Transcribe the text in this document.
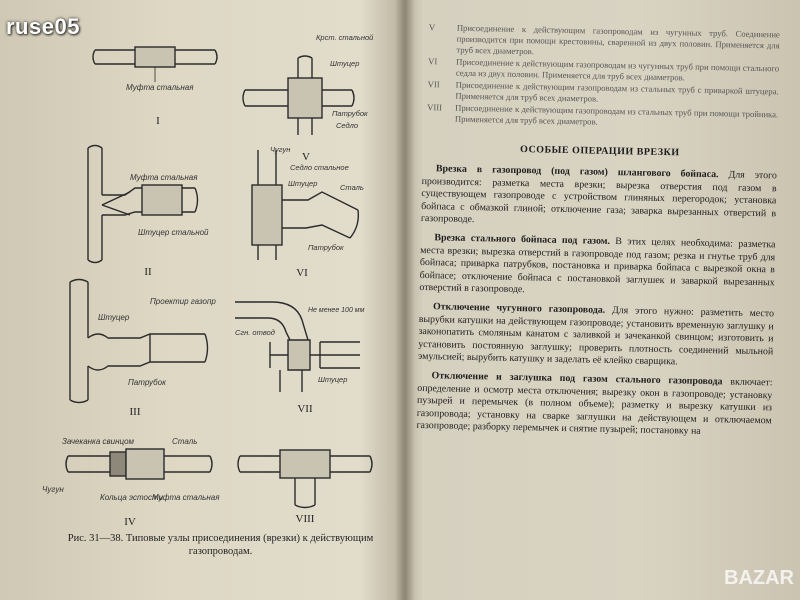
Муфта стальная
I
Муфта стальная
Штуцер стальной
II
Штуцер
Проектир газопр
Патрубок
III
Зачеканка свинцом	Сталь
Чугун
Кольца эстости
Муфта стальная
IV
Крст. стальной
Штуцер
Патрубок
Седло
V
Чугун
Седло стальное
Штуцер	Сталь
Патрубок
VI
Сгн. отвод
Не менее 100 мм
Штуцер
VII
VIII
Рис. 31—38. Типовые узлы присоединения (врезки) к действующим
газопроводам.
V	Присоединение к действующим газопроводам из чугунных труб. Соединение производится при помощи крестовины, сваренной из двух половин. Применяется для труб всех диаметров.
VI	Присоединение к действующим газопроводам из чугунных труб при помощи стального седла из двух половин. Применяется для труб всех диаметров.
VII	Присоединение к действующим газопроводам из стальных труб с приваркой штуцера. Применяется для труб всех диаметров.
VIII	Присоединение к действующим газопроводам из стальных труб при помощи тройника. Применяется для труб всех диаметров.
ОСОБЫЕ ОПЕРАЦИИ ВРЕЗКИ

Врезка в газопровод (под газом) шлангового бойпаса. Для этого производится: разметка места врезки; вырезка отверстия под газом в существующем газопроводе с устройством глиняных перегородок; установка бойпаса с обмазкой глиной; отключение газа; заварка вырезанных отверстий в газопроводе.

Врезка стального бойпаса под газом. В этих целях необходима: разметка места врезки; вырезка отверстий в газопроводе под газом; резка и гнутье труб для бойпаса; приварка патрубков, постановка и приварка бойпаса с вырезкой окна в бойпасе; отключение бойпаса с постановкой заглушек и заваркой вырезанных отверстий в газопроводе.

Отключение чугунного газопровода. Для этого нужно: разметить место вырубки катушки на действующем газопроводе; установить временную заглушку и законопатить смоляным канатом с заливкой и зачеканкой свинцом; изготовить и установить постоянную заглушку; проверить плотность соединений мыльной эмульсией; вырубить катушку и заделать её клейко сварщика.

Отключение и заглушка под газом стального газопровода включает: определение и осмотр места отключения; вырезку окон в газопроводе; установку пузырей и перемычек (в полном объеме); разметку и вырезку катушки из газопровода; установку на сварке заглушки на действующем и отключаемом газопроводе; разборку перемычек и снятие пузырей; постановку на

ruse05
BAZAR
